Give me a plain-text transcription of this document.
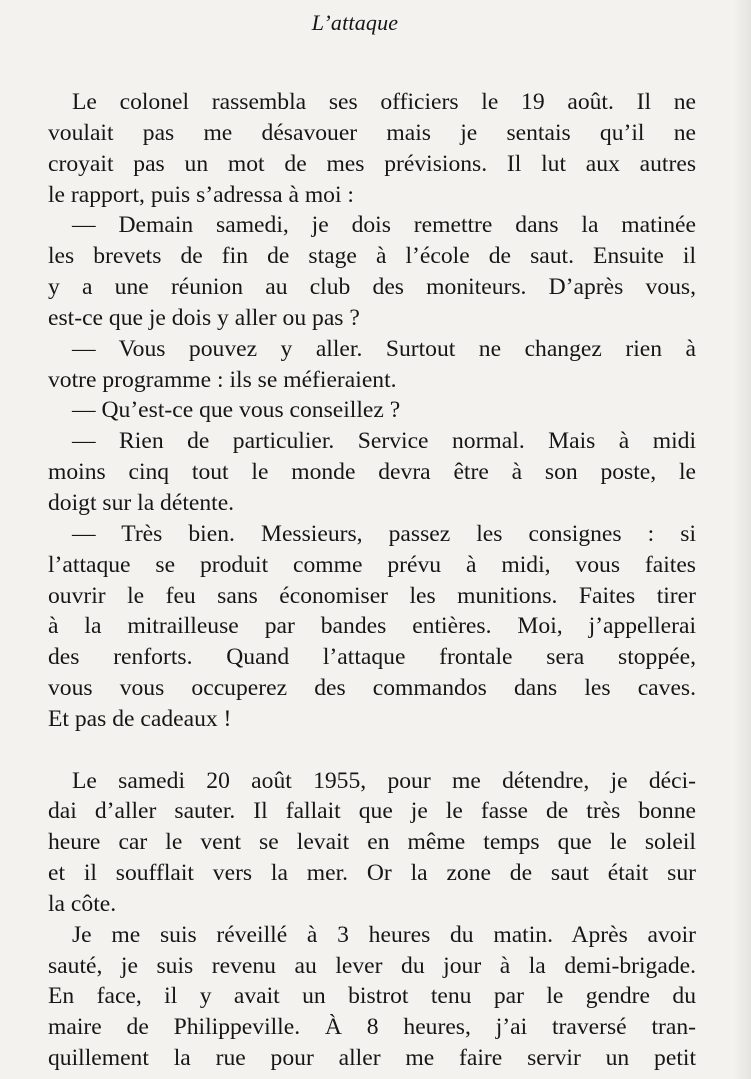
L’attaque
Le colonel rassembla ses officiers le 19 août. Il ne
voulait pas me désavouer mais je sentais qu’il ne
croyait pas un mot de mes prévisions. Il lut aux autres
le rapport, puis s’adressa à moi :
— Demain samedi, je dois remettre dans la matinée
les brevets de fin de stage à l’école de saut. Ensuite il
y a une réunion au club des moniteurs. D’après vous,
est-ce que je dois y aller ou pas ?
— Vous pouvez y aller. Surtout ne changez rien à
votre programme : ils se méfieraient.
— Qu’est-ce que vous conseillez ?
— Rien de particulier. Service normal. Mais à midi
moins cinq tout le monde devra être à son poste, le
doigt sur la détente.
— Très bien. Messieurs, passez les consignes : si
l’attaque se produit comme prévu à midi, vous faites
ouvrir le feu sans économiser les munitions. Faites tirer
à la mitrailleuse par bandes entières. Moi, j’appellerai
des renforts. Quand l’attaque frontale sera stoppée,
vous vous occuperez des commandos dans les caves.
Et pas de cadeaux !
Le samedi 20 août 1955, pour me détendre, je déci-
dai d’aller sauter. Il fallait que je le fasse de très bonne
heure car le vent se levait en même temps que le soleil
et il soufflait vers la mer. Or la zone de saut était sur
la côte.
Je me suis réveillé à 3 heures du matin. Après avoir
sauté, je suis revenu au lever du jour à la demi-brigade.
En face, il y avait un bistrot tenu par le gendre du
maire de Philippeville. À 8 heures, j’ai traversé tran-
quillement la rue pour aller me faire servir un petit
